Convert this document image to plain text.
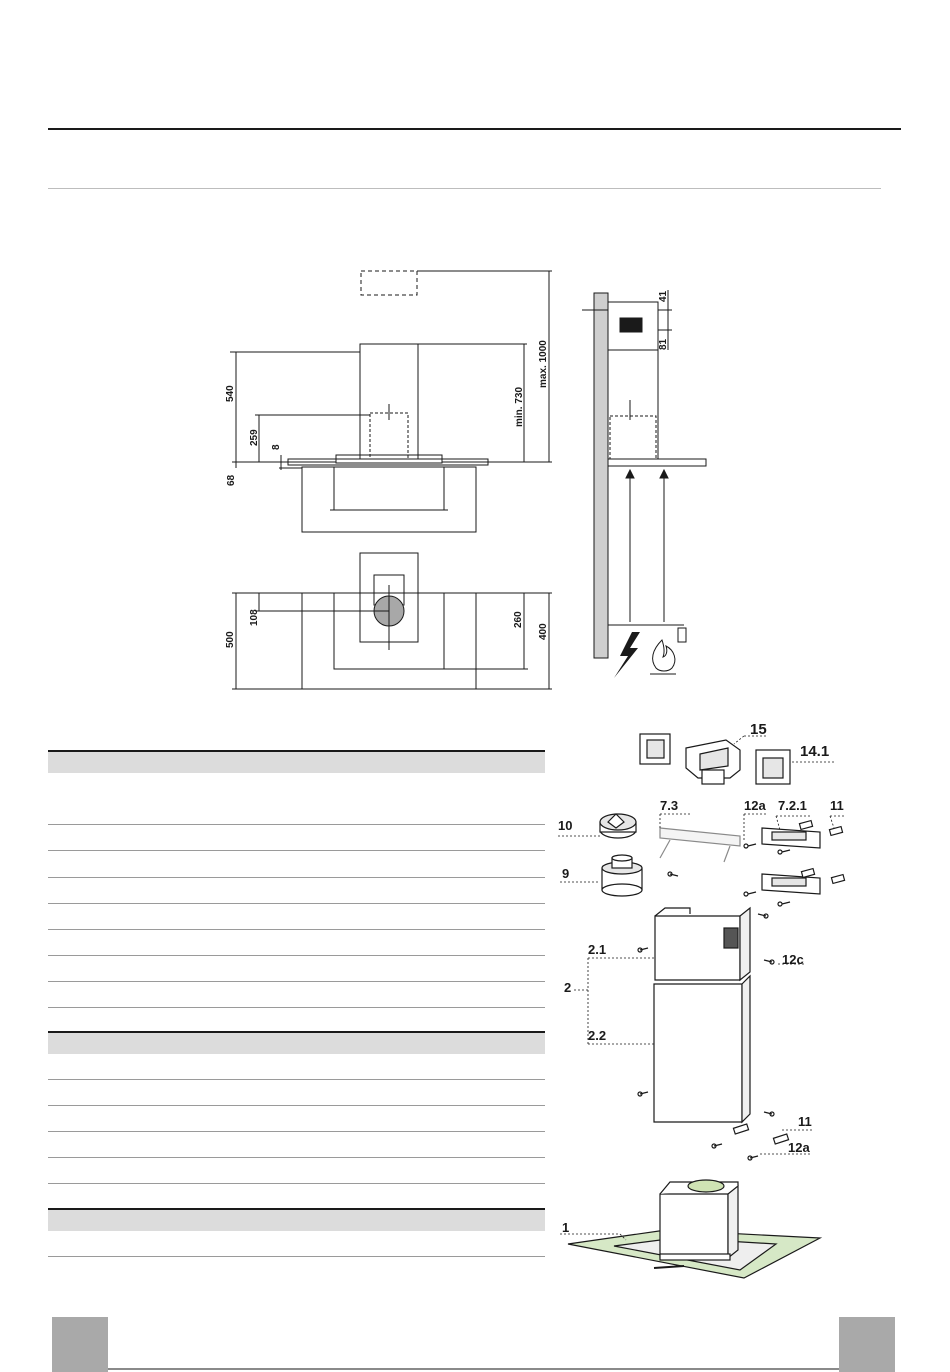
540
259
8
68
min. 730
max. 1000
500
108	260
400
41
81
15
14.1
10
7.3	12a 7.2.1 11
9
2.1
2
2.2
12c
11
12a
1
